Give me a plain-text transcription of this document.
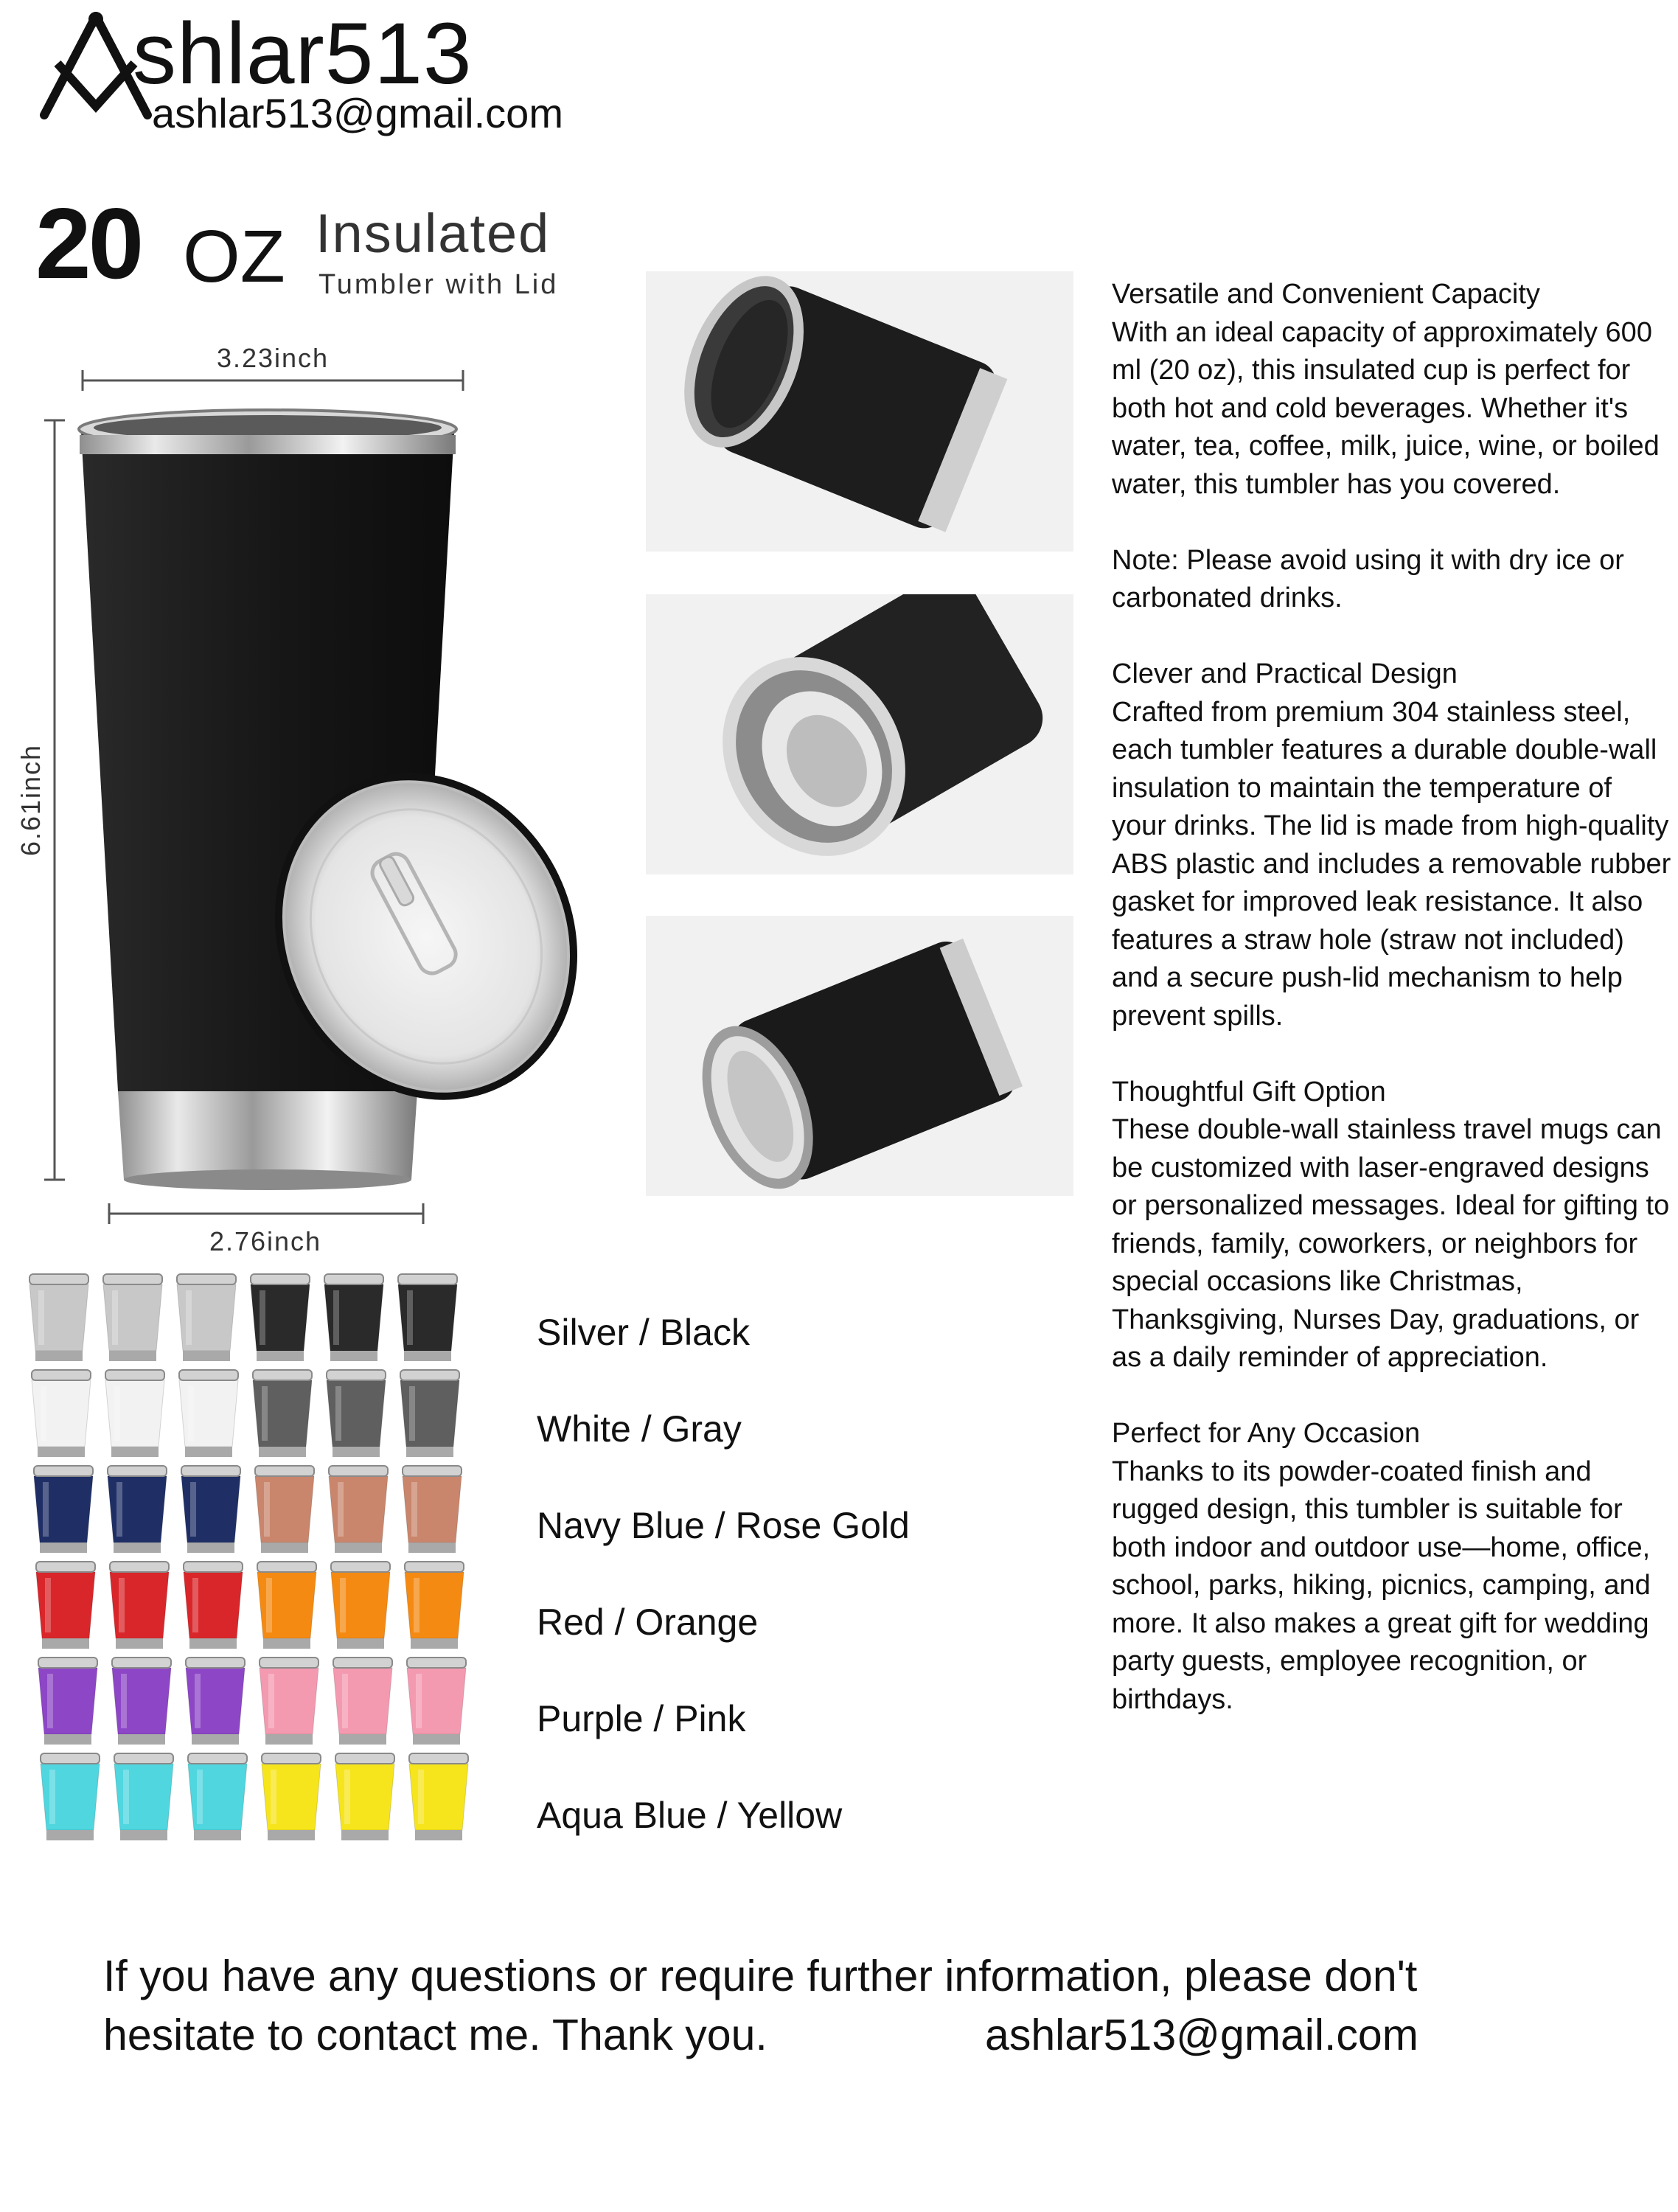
shlar513
ashlar513@gmail.com
20 OZ Insulated
Tumbler with Lid
3.23inch
6.61inch
2.76inch

Versatile and Convenient Capacity
With an ideal capacity of approximately 600 ml (20 oz), this insulated cup is perfect for both hot and cold beverages. Whether it's water, tea, coffee, milk, juice, wine, or boiled water, this tumbler has you covered.

Note: Please avoid using it with dry ice or carbonated drinks.

Clever and Practical Design
Crafted from premium 304 stainless steel, each tumbler features a durable double-wall insulation to maintain the temperature of your drinks. The lid is made from high-quality ABS plastic and includes a removable rubber gasket for improved leak resistance. It also features a straw hole (straw not included) and a secure push-lid mechanism to help prevent spills.

Thoughtful Gift Option
These double-wall stainless travel mugs can be customized with laser-engraved designs or personalized messages. Ideal for gifting to friends, family, coworkers, or neighbors for special occasions like Christmas, Thanksgiving, Nurses Day, graduations, or as a daily reminder of appreciation.

Perfect for Any Occasion
Thanks to its powder-coated finish and rugged design, this tumbler is suitable for both indoor and outdoor use—home, office, school, parks, hiking, picnics, camping, and more. It also makes a great gift for wedding party guests, employee recognition, or birthdays.

Silver / Black
White / Gray
Navy Blue / Rose Gold
Red / Orange
Purple / Pink
Aqua Blue / Yellow
If you have any questions or require further information, please don't
hesitate to contact me. Thank you.	ashlar513@gmail.com
